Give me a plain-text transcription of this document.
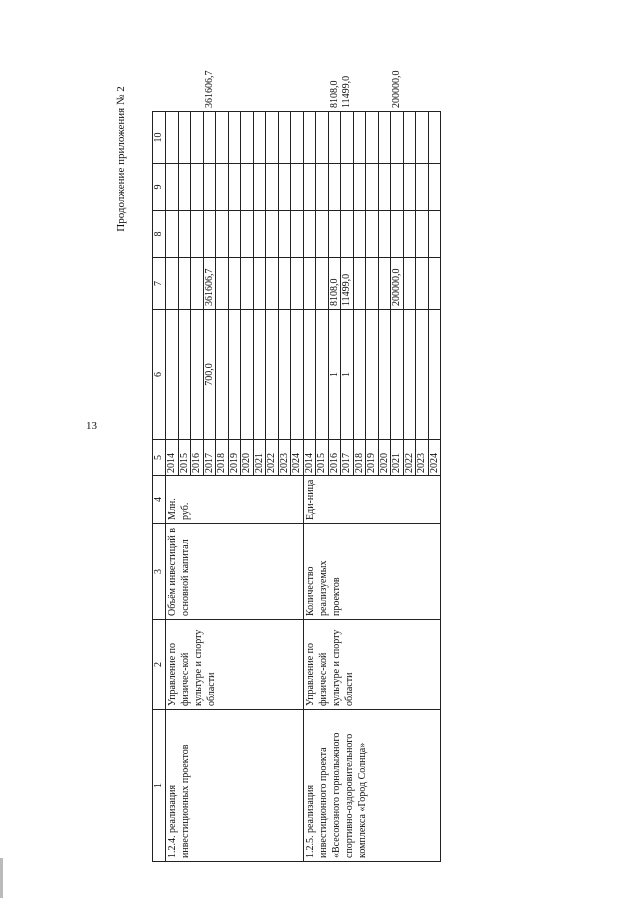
13
Продолжение приложения № 2
1	2	3	4	5	6	7	8	9	10	
1.2.4. реализация инвестиционных проектов	Управление по физичес-кой культуре и спорту области	Объём инвестиций в основной капитал	Млн. руб.	2014						
				2015						
				2016						
				2017	700,0	361606,7				361606,7
				2018						
				2019						
				2020						
				2021						
				2022						
				2023						
				2024						
1.2.5. реализация инвестиционного проекта «Всесоюзного горнолыжного спортивно-оздоровительного комплекса «Город Солнца»	Управление по физичес-кой культуре и спорту области	Количество реализуемых проектов	Еди-ница	2014						
				2015						
				2016	1	8108,0				8108,0
				2017	1	11499,0				11499,0
				2018						
				2019						
				2020						
				2021		200000,0				200000,0
				2022						
				2023						
				2024						
